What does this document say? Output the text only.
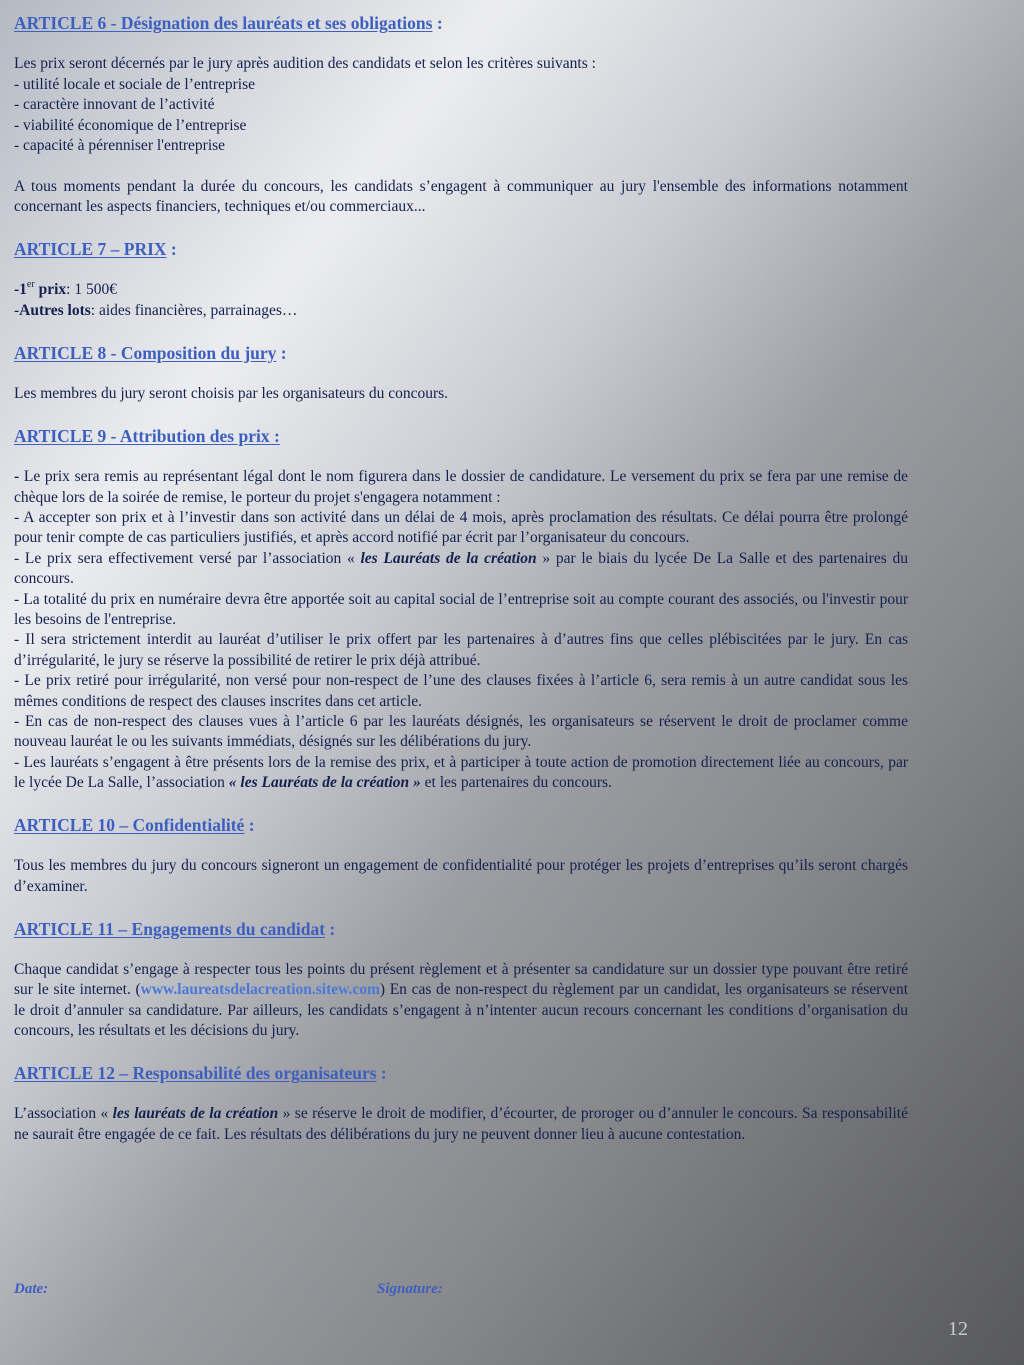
ARTICLE 6 - Désignation des lauréats et ses obligations :

Les prix seront décernés par le jury après audition des candidats et selon les critères suivants :

- utilité locale et sociale de l’entreprise

- caractère innovant de l’activité

- viabilité économique de l’entreprise

- capacité à pérenniser l'entreprise

A tous moments pendant la durée du concours, les candidats s’engagent à communiquer au jury l'ensemble des informations notamment concernant les aspects financiers, techniques et/ou commerciaux...

ARTICLE 7 – PRIX :

-1er prix: 1 500€

-Autres lots: aides financières, parrainages…

ARTICLE 8 - Composition du jury :

Les membres du jury seront choisis par les organisateurs du concours.

ARTICLE 9 - Attribution des prix :

- Le prix sera remis au représentant légal dont le nom figurera dans le dossier de candidature. Le versement du prix se fera par une remise de chèque lors de la soirée de remise, le porteur du projet s'engagera notamment :

- A accepter son prix et à l’investir dans son activité dans un délai de 4 mois, après proclamation des résultats. Ce délai pourra être prolongé pour tenir compte de cas particuliers justifiés, et après accord notifié par écrit par l’organisateur du concours.

- Le prix sera effectivement versé par l’association « les Lauréats de la création » par le biais du lycée De La Salle et des partenaires du concours.

- La totalité du prix en numéraire devra être apportée soit au capital social de l’entreprise soit au compte courant des associés, ou l'investir pour les besoins de l'entreprise.

- Il sera strictement interdit au lauréat d’utiliser le prix offert par les partenaires à d’autres fins que celles plébiscitées par le jury. En cas d’irrégularité, le jury se réserve la possibilité de retirer le prix déjà attribué.

- Le prix retiré pour irrégularité, non versé pour non-respect de l’une des clauses fixées à l’article 6, sera remis à un autre candidat sous les mêmes conditions de respect des clauses inscrites dans cet article.

- En cas de non-respect des clauses vues à l’article 6 par les lauréats désignés, les organisateurs se réservent le droit de proclamer comme nouveau lauréat le ou les suivants immédiats, désignés sur les délibérations du jury.

- Les lauréats s’engagent à être présents lors de la remise des prix, et à participer à toute action de promotion directement liée au concours, par le lycée De La Salle, l’association « les Lauréats de la création » et les partenaires du concours.

ARTICLE 10 – Confidentialité :

Tous les membres du jury du concours signeront un engagement de confidentialité pour protéger les projets d’entreprises qu’ils seront chargés d’examiner.

ARTICLE 11 – Engagements du candidat :

Chaque candidat s’engage à respecter tous les points du présent règlement et à présenter sa candidature sur un dossier type pouvant être retiré sur le site internet. (www.laureatsdelacreation.sitew.com) En cas de non-respect du règlement par un candidat, les organisateurs se réservent le droit d’annuler sa candidature. Par ailleurs, les candidats s’engagent à n’intenter aucun recours concernant les conditions d’organisation du concours, les résultats et les décisions du jury.

ARTICLE 12 – Responsabilité des organisateurs :

L’association « les lauréats de la création » se réserve le droit de modifier, d’écourter, de proroger ou d’annuler le concours. Sa responsabilité ne saurait être engagée de ce fait. Les résultats des délibérations du jury ne peuvent donner lieu à aucune contestation.

Date:	Signature:
12
